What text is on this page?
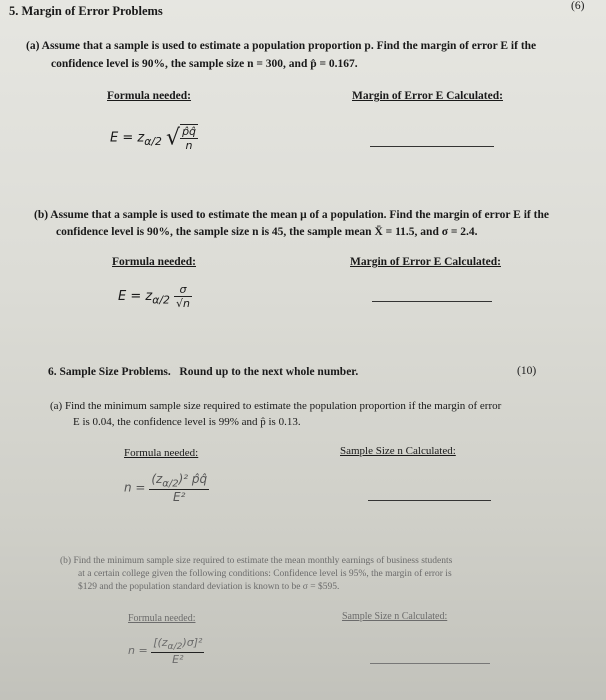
5. Margin of Error Problems	(6)
(a) Assume that a sample is used to estimate a population proportion p. Find the margin of error E if the
confidence level is 90%, the sample size n = 300, and p̂ = 0.167.
Formula needed:	Margin of Error E Calculated:
$E = z_{\alpha/2}$ √ $\frac{p̂q̂}{n}$
(b) Assume that a sample is used to estimate the mean μ of a population. Find the margin of error E if the
confidence level is 90%, the sample size n is 45, the sample mean X̄ = 11.5, and σ = 2.4.
Formula needed:	Margin of Error E Calculated:
$E = z_{\alpha/2} \frac{\sigma}{√n}$
6. Sample Size Problems. Round up to the next whole number.	(10)
(a) Find the minimum sample size required to estimate the population proportion if the margin of error
E is 0.04, the confidence level is 99% and p̂ is 0.13.
Formula needed:	Sample Size n Calculated:
$n = \frac{(z_{\alpha/2})^2 p̂q̂}{\text{E²}}$
(b) Find the minimum sample size required to estimate the mean monthly earnings of business students
at a certain college given the following conditions: Confidence level is 95%, the margin of error is
$129 and the population standard deviation is known to be σ = $595.
Formula needed:	Sample Size n Calculated:
$n = \frac{[(z_{\alpha/2})\sigma]^2}{\text{E²}}$
